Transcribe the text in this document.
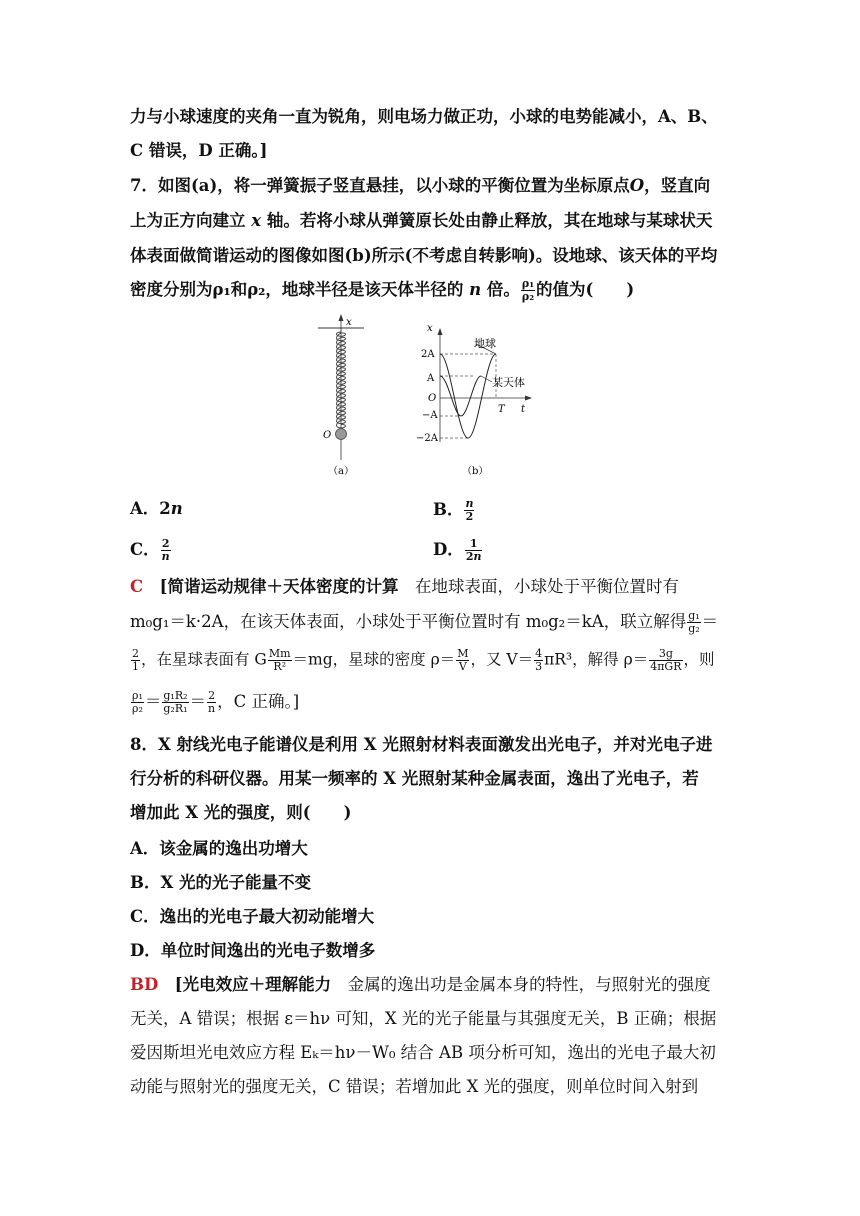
力与小球速度的夹角一直为锐角，则电场力做正功，小球的电势能减小，A、B、
C 错误，D 正确。]
7．如图(a)，将一弹簧振子竖直悬挂，以小球的平衡位置为坐标原点O，竖直向
上为正方向建立 x 轴。若将小球从弹簧原长处由静止释放，其在地球与某球状天
体表面做简谐运动的图像如图(b)所示(不考虑自转影响)。设地球、该天体的平均
密度分别为ρ₁和ρ₂，地球半径是该天体半径的 n 倍。 $\frac{\text{ρ₁}}{\text{ρ₂}}$ 的值为(　　)
x
O
（a）
x
t
O
T
2A
A
−A
−2A
地球
某天体
（b）
A．2n	B． $\frac{n}{2}$
C． $\frac{2}{n}$	D． $\frac{1}{2n}$
C　 [简谐运动规律＋天体密度的计算　 在地球表面，小球处于平衡位置时有
m₀g₁＝k·2A，在该天体表面，小球处于平衡位置时有 m₀g₂＝kA，联立解得 $\frac{\text{g₁}}{\text{g₂}}$ ＝
$\frac{2}{1}$ ，在星球表面有 G $\frac{Mm}{\text{R²}} =mg$，星球的密度 $\rho= \frac{M}{V}$ ，又 $V= \frac{4}{3} \pi R^3$，解得 $\rho= \frac{3g}{\text{4πGR}}$ ，则
$\frac{\text{ρ₁}}{\text{ρ₂}} = \frac{\text{g₁R₂}}{\text{g₂R₁}} = \frac{2}{n}$ ，C 正确。]
8．X 射线光电子能谱仪是利用 X 光照射材料表面激发出光电子，并对光电子进
行分析的科研仪器。用某一频率的 X 光照射某种金属表面，逸出了光电子，若
增加此 X 光的强度，则(　　)
A．该金属的逸出功增大
B．X 光的光子能量不变
C．逸出的光电子最大初动能增大
D．单位时间逸出的光电子数增多
BD　 [光电效应＋理解能力　 金属的逸出功是金属本身的特性，与照射光的强度
无关，A 错误；根据 ε＝hν 可知，X 光的光子能量与其强度无关，B 正确；根据
爱因斯坦光电效应方程 Eₖ＝hν－W₀ 结合 AB 项分析可知，逸出的光电子最大初
动能与照射光的强度无关，C 错误；若增加此 X 光的强度，则单位时间入射到
